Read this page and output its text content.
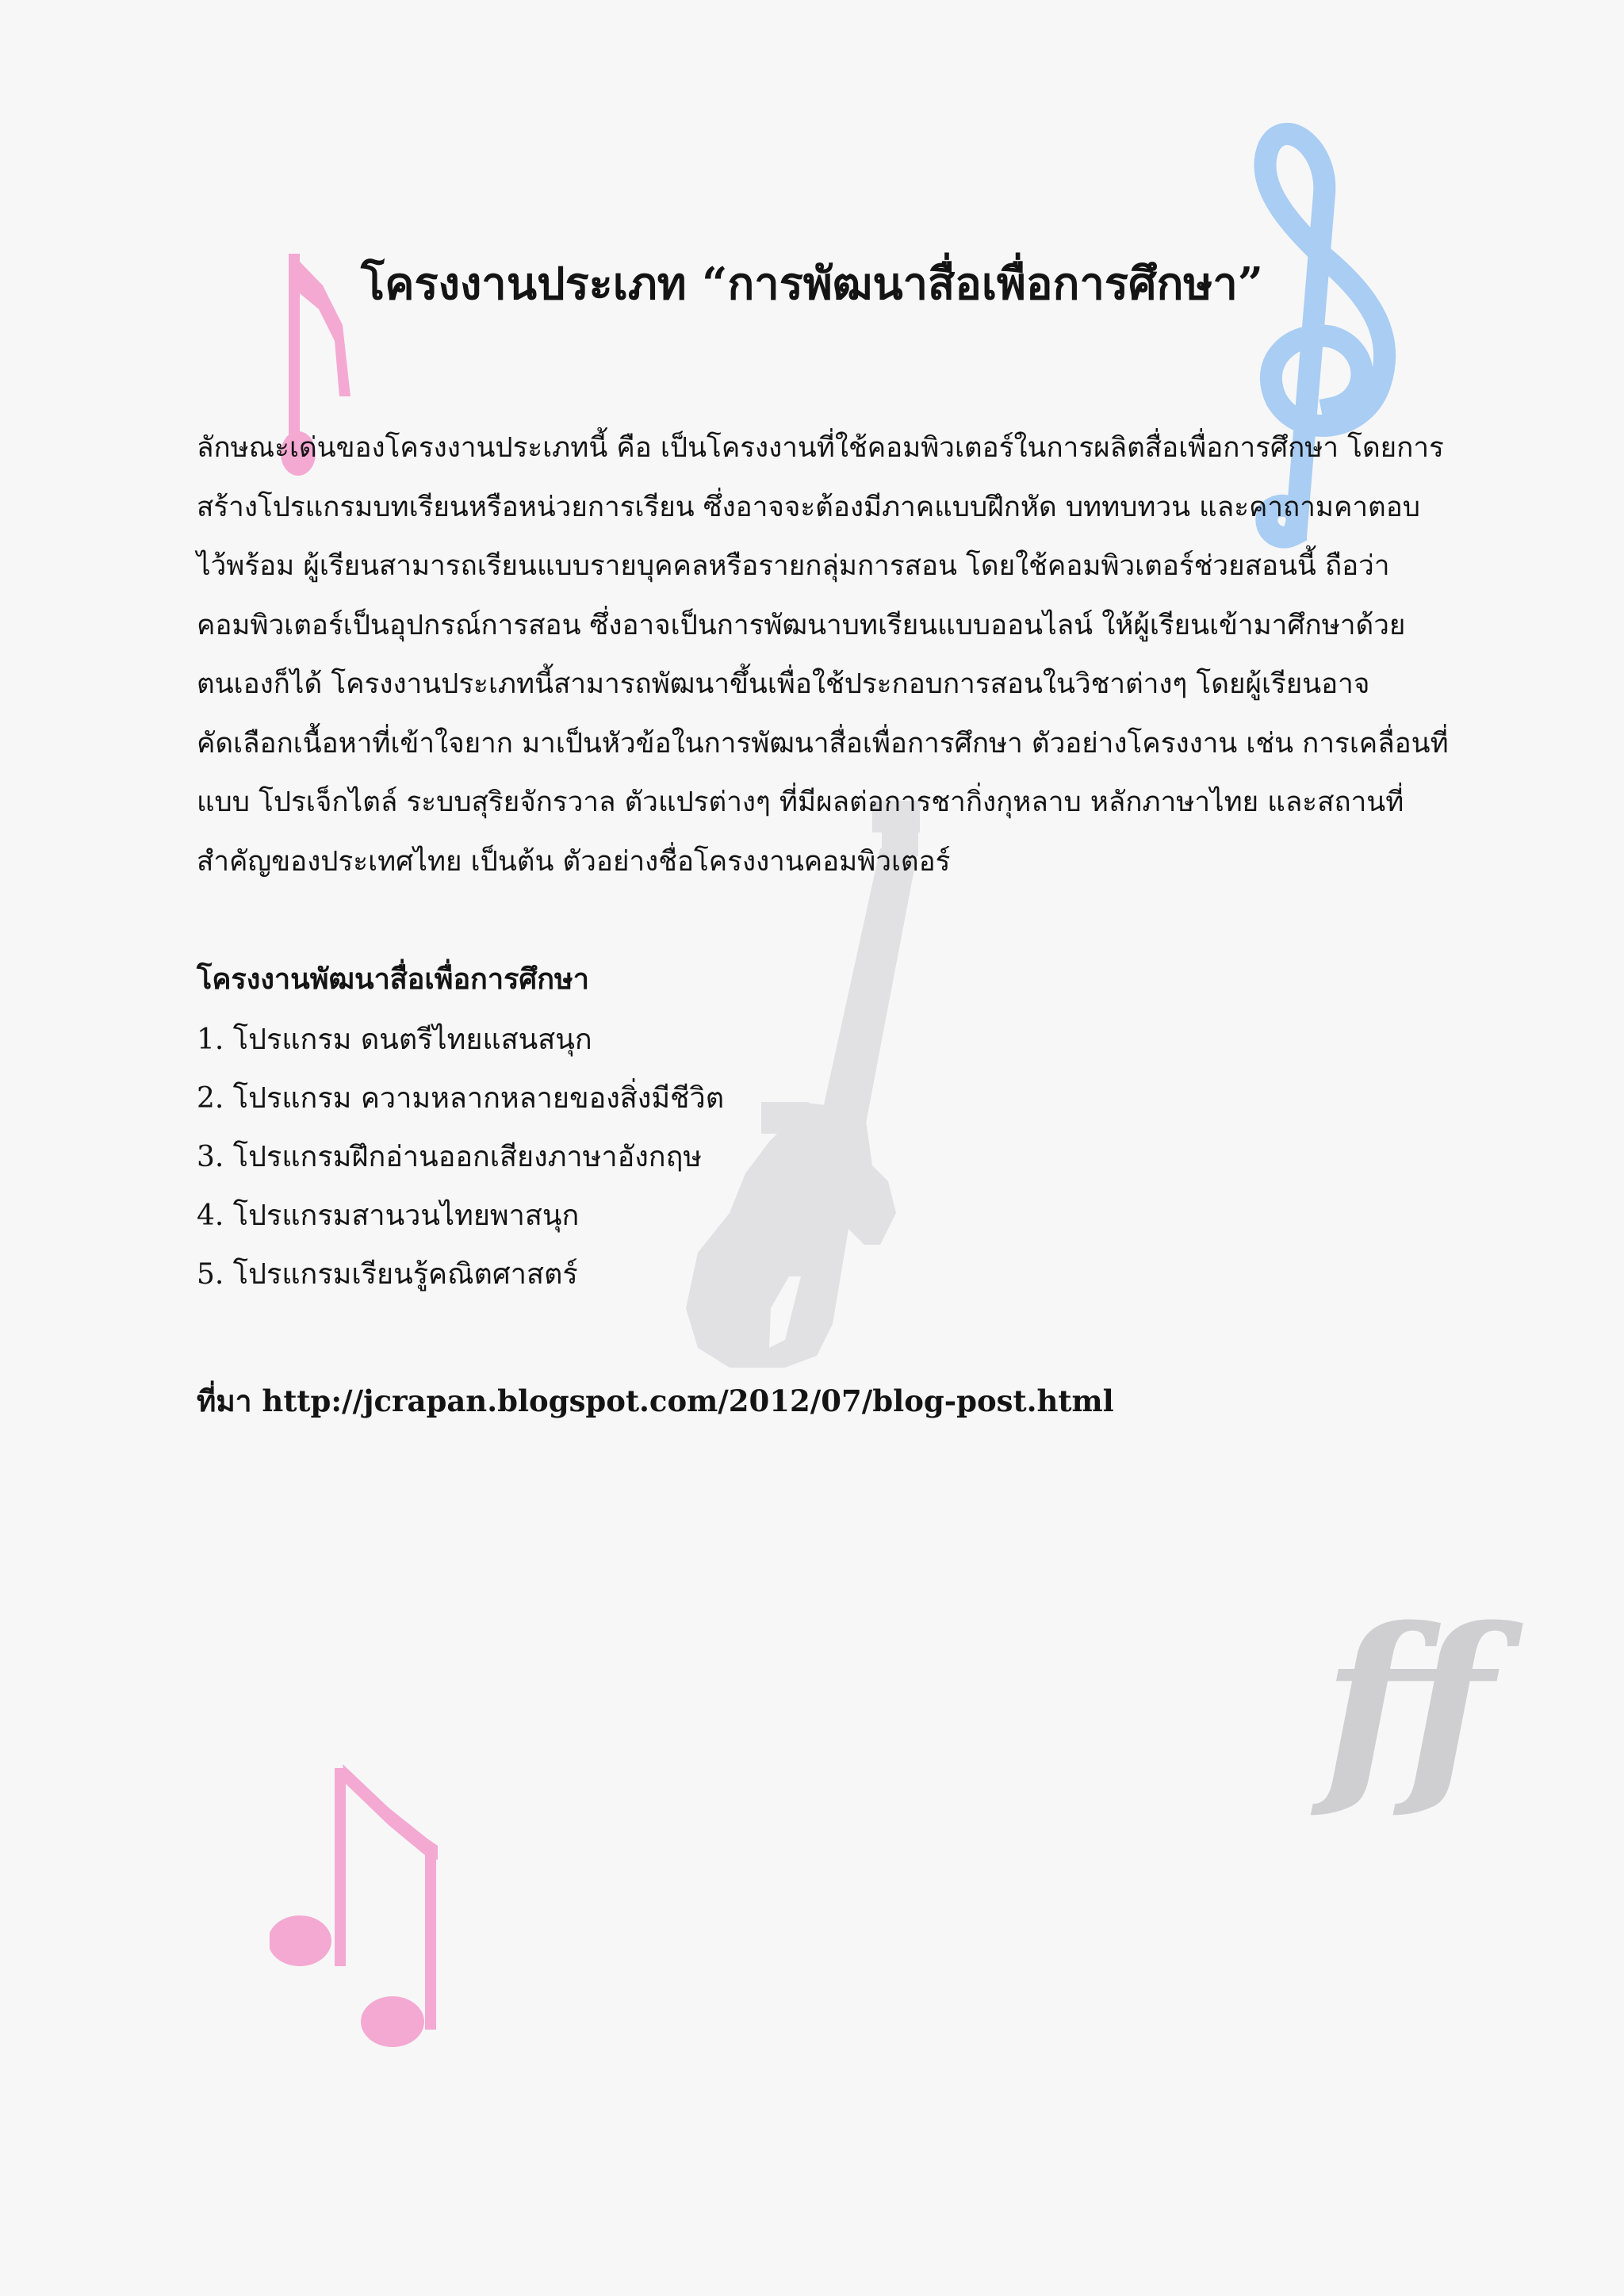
ff
โครงงานประเภท “การพัฒนาสื่อเพื่อการศึกษา”
ลักษณะเด่นของโครงงานประเภทนี้ คือ เป็นโครงงานที่ใช้คอมพิวเตอร์ในการผลิตสื่อเพื่อการศึกษา โดยการ
สร้างโปรแกรมบทเรียนหรือหน่วยการเรียน ซึ่งอาจจะต้องมีภาคแบบฝึกหัด บททบทวน และคาถามคาตอบ
ไว้พร้อม ผู้เรียนสามารถเรียนแบบรายบุคคลหรือรายกลุ่มการสอน โดยใช้คอมพิวเตอร์ช่วยสอนนี้ ถือว่า
คอมพิวเตอร์เป็นอุปกรณ์การสอน ซึ่งอาจเป็นการพัฒนาบทเรียนแบบออนไลน์ ให้ผู้เรียนเข้ามาศึกษาด้วย
ตนเองก็ได้ โครงงานประเภทนี้สามารถพัฒนาขึ้นเพื่อใช้ประกอบการสอนในวิชาต่างๆ โดยผู้เรียนอาจ
คัดเลือกเนื้อหาที่เข้าใจยาก มาเป็นหัวข้อในการพัฒนาสื่อเพื่อการศึกษา ตัวอย่างโครงงาน เช่น การเคลื่อนที่
แบบ โปรเจ็กไตล์ ระบบสุริยจักรวาล ตัวแปรต่างๆ ที่มีผลต่อการชากิ่งกุหลาบ หลักภาษาไทย และสถานที่
สำคัญของประเทศไทย เป็นต้น ตัวอย่างชื่อโครงงานคอมพิวเตอร์
โครงงานพัฒนาสื่อเพื่อการศึกษา
1. โปรแกรม ดนตรีไทยแสนสนุก
2. โปรแกรม ความหลากหลายของสิ่งมีชีวิต
3. โปรแกรมฝึกอ่านออกเสียงภาษาอังกฤษ
4. โปรแกรมสานวนไทยพาสนุก
5. โปรแกรมเรียนรู้คณิตศาสตร์
ที่มา http://jcrapan.blogspot.com/2012/07/blog-post.html
